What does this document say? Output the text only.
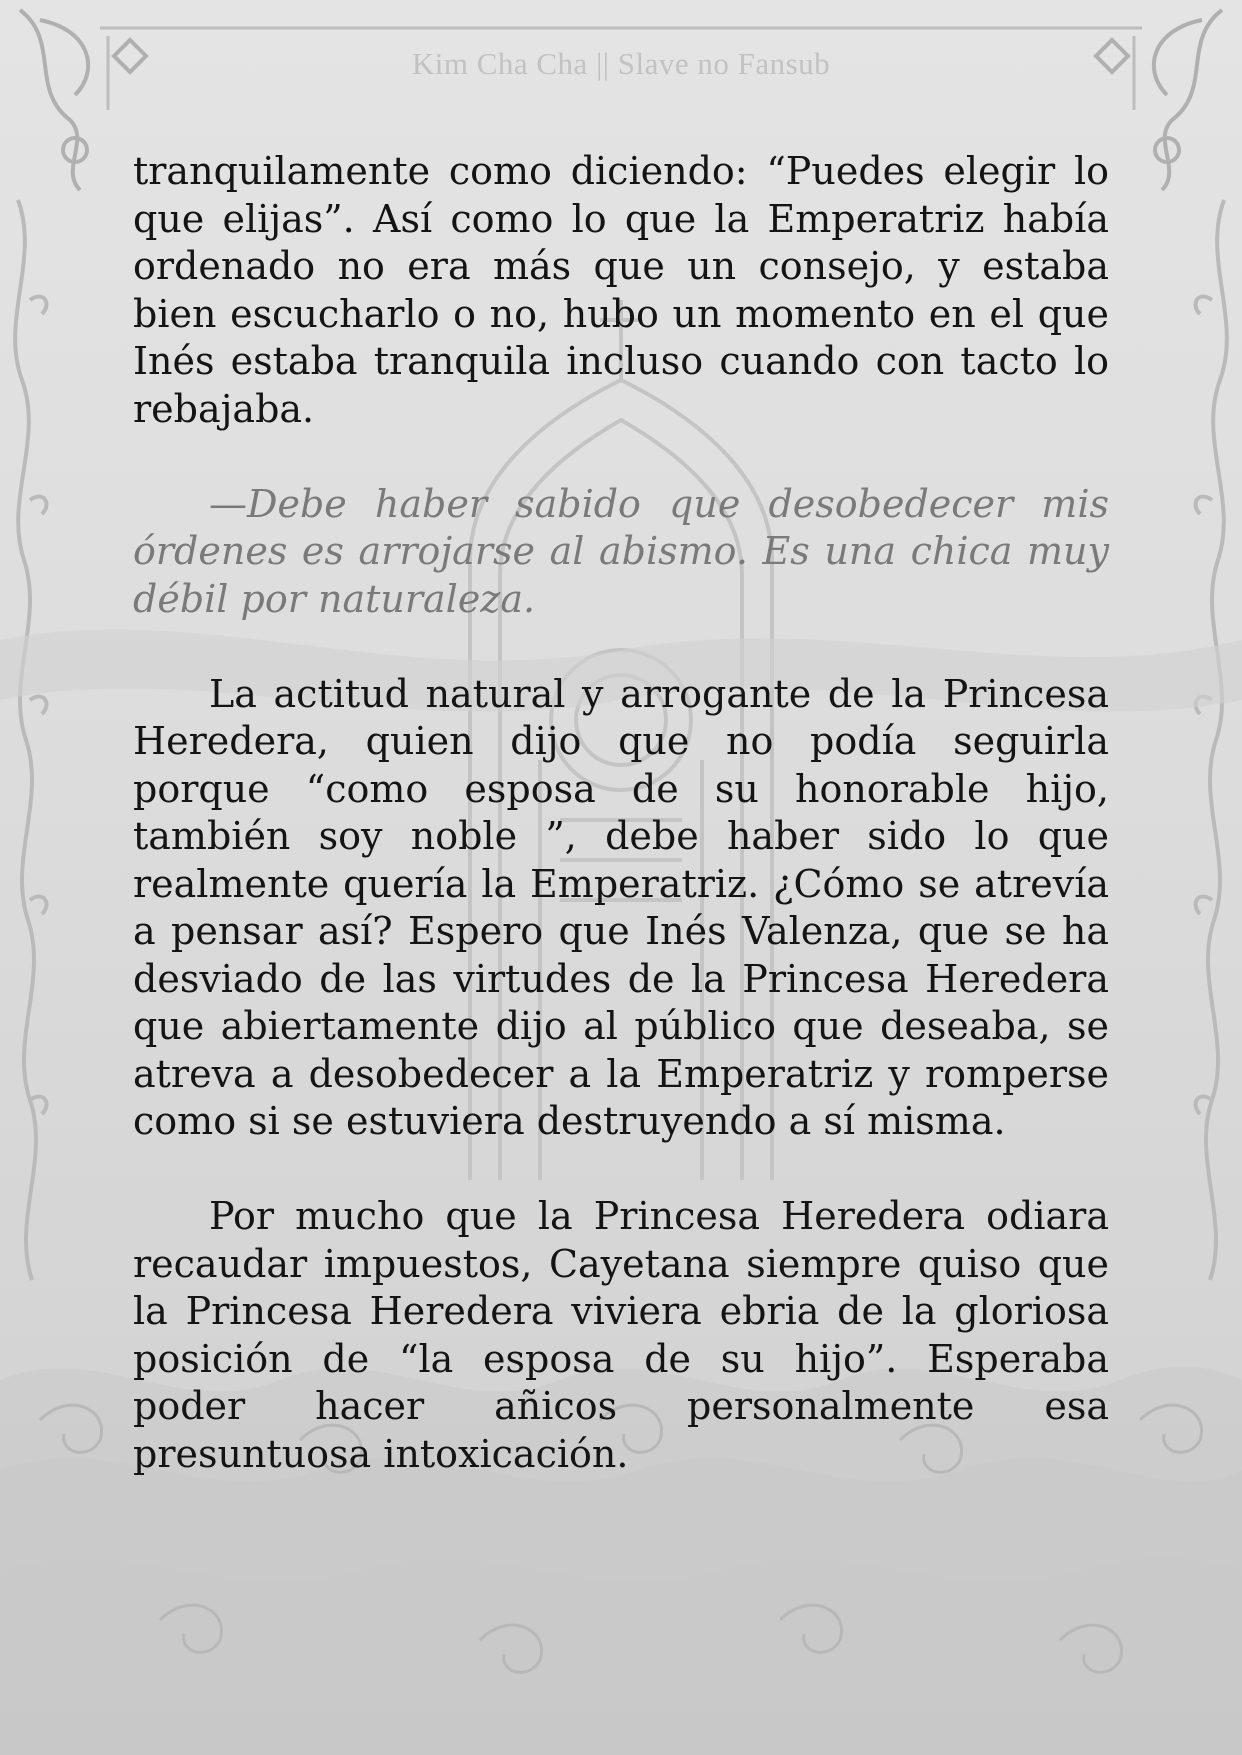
Kim Cha Cha || Slave no Fansub

tranquilamente como diciendo: “Puedes elegir lo que elijas”. Así como lo que la Emperatriz había ordenado no era más que un consejo, y estaba bien escucharlo o no, hubo un momento en el que Inés estaba tranquila incluso cuando con tacto lo rebajaba.

—Debe haber sabido que desobedecer mis órdenes es arrojarse al abismo. Es una chica muy débil por naturaleza.

La actitud natural y arrogante de la Princesa Heredera, quien dijo que no podía seguirla porque “como esposa de su honorable hijo, también soy noble ”, debe haber sido lo que realmente quería la Emperatriz. ¿Cómo se atrevía a pensar así? Espero que Inés Valenza, que se ha desviado de las virtudes de la Princesa Heredera que abiertamente dijo al público que deseaba, se atreva a desobedecer a la Emperatriz y romperse como si se estuviera destruyendo a sí misma.

Por mucho que la Princesa Heredera odiara recaudar impuestos, Cayetana siempre quiso que la Princesa Heredera viviera ebria de la gloriosa posición de “la esposa de su hijo”. Esperaba poder hacer añicos personalmente esa presuntuosa intoxicación.
